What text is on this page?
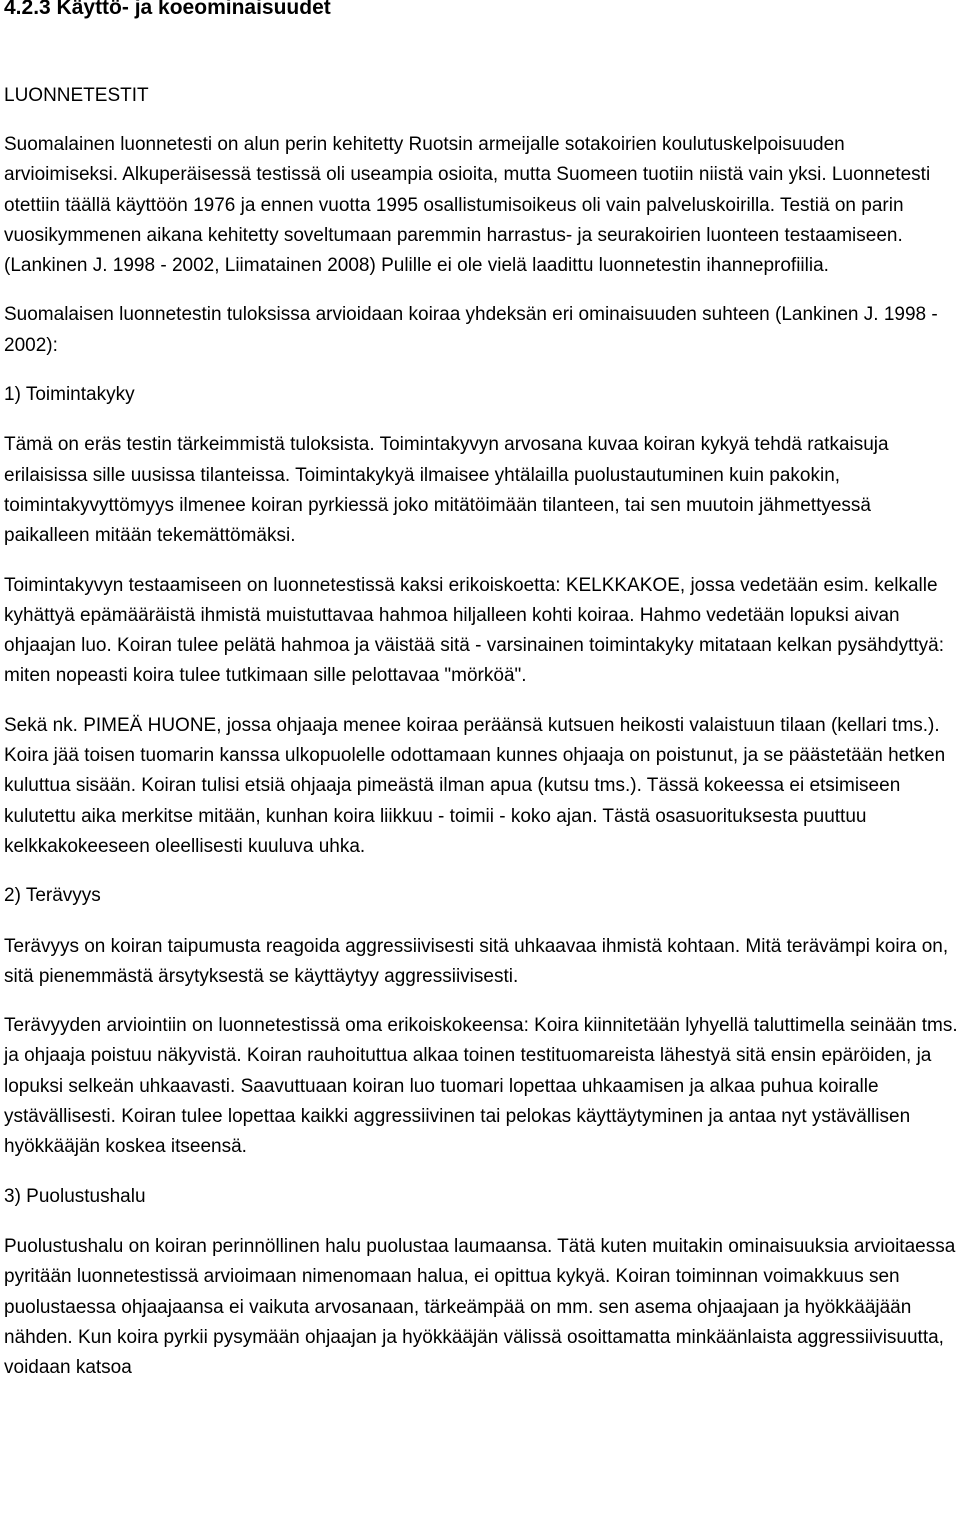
4.2.3 Käyttö- ja koeominaisuudet
LUONNETESTIT

Suomalainen luonnetesti on alun perin kehitetty Ruotsin armeijalle sotakoirien koulutuskelpoisuuden arvioimiseksi. Alkuperäisessä testissä oli useampia osioita, mutta Suomeen tuotiin niistä vain yksi. Luonnetesti otettiin täällä käyttöön 1976 ja ennen vuotta 1995 osallistumisoikeus oli vain palveluskoirilla. Testiä on parin vuosikymmenen aikana kehitetty soveltumaan paremmin harrastus- ja seurakoirien luonteen testaamiseen. (Lankinen J. 1998 - 2002, Liimatainen 2008) Pulille ei ole vielä laadittu luonnetestin ihanneprofiilia.

Suomalaisen luonnetestin tuloksissa arvioidaan koiraa yhdeksän eri ominaisuuden suhteen (Lankinen J. 1998 - 2002):

1) Toimintakyky

Tämä on eräs testin tärkeimmistä tuloksista. Toimintakyvyn arvosana kuvaa koiran kykyä tehdä ratkaisuja erilaisissa sille uusissa tilanteissa. Toimintakykyä ilmaisee yhtälailla puolustautuminen kuin pakokin, toimintakyvyttömyys ilmenee koiran pyrkiessä joko mitätöimään tilanteen, tai sen muutoin jähmettyessä paikalleen mitään tekemättömäksi.

Toimintakyvyn testaamiseen on luonnetestissä kaksi erikoiskoetta: KELKKAKOE, jossa vedetään esim. kelkalle kyhättyä epämääräistä ihmistä muistuttavaa hahmoa hiljalleen kohti koiraa. Hahmo vedetään lopuksi aivan ohjaajan luo. Koiran tulee pelätä hahmoa ja väistää sitä - varsinainen toimintakyky mitataan kelkan pysähdyttyä: miten nopeasti koira tulee tutkimaan sille pelottavaa "mörköä".

Sekä nk. PIMEÄ HUONE, jossa ohjaaja menee koiraa peräänsä kutsuen heikosti valaistuun tilaan (kellari tms.). Koira jää toisen tuomarin kanssa ulkopuolelle odottamaan kunnes ohjaaja on poistunut, ja se päästetään hetken kuluttua sisään. Koiran tulisi etsiä ohjaaja pimeästä ilman apua (kutsu tms.). Tässä kokeessa ei etsimiseen kulutettu aika merkitse mitään, kunhan koira liikkuu - toimii - koko ajan. Tästä osasuorituksesta puuttuu kelkkakokeeseen oleellisesti kuuluva uhka.

2) Terävyys

Terävyys on koiran taipumusta reagoida aggressiivisesti sitä uhkaavaa ihmistä kohtaan. Mitä terävämpi koira on, sitä pienemmästä ärsytyksestä se käyttäytyy aggressiivisesti.

Terävyyden arviointiin on luonnetestissä oma erikoiskokeensa: Koira kiinnitetään lyhyellä taluttimella seinään tms. ja ohjaaja poistuu näkyvistä. Koiran rauhoituttua alkaa toinen testituomareista lähestyä sitä ensin epäröiden, ja lopuksi selkeän uhkaavasti. Saavuttuaan koiran luo tuomari lopettaa uhkaamisen ja alkaa puhua koiralle ystävällisesti. Koiran tulee lopettaa kaikki aggressiivinen tai pelokas käyttäytyminen ja antaa nyt ystävällisen hyökkääjän koskea itseensä.

3) Puolustushalu

Puolustushalu on koiran perinnöllinen halu puolustaa laumaansa. Tätä kuten muitakin ominaisuuksia arvioitaessa pyritään luonnetestissä arvioimaan nimenomaan halua, ei opittua kykyä. Koiran toiminnan voimakkuus sen puolustaessa ohjaajaansa ei vaikuta arvosanaan, tärkeämpää on mm. sen asema ohjaajaan ja hyökkääjään nähden. Kun koira pyrkii pysymään ohjaajan ja hyökkääjän välissä osoittamatta minkäänlaista aggressiivisuutta, voidaan katsoa
